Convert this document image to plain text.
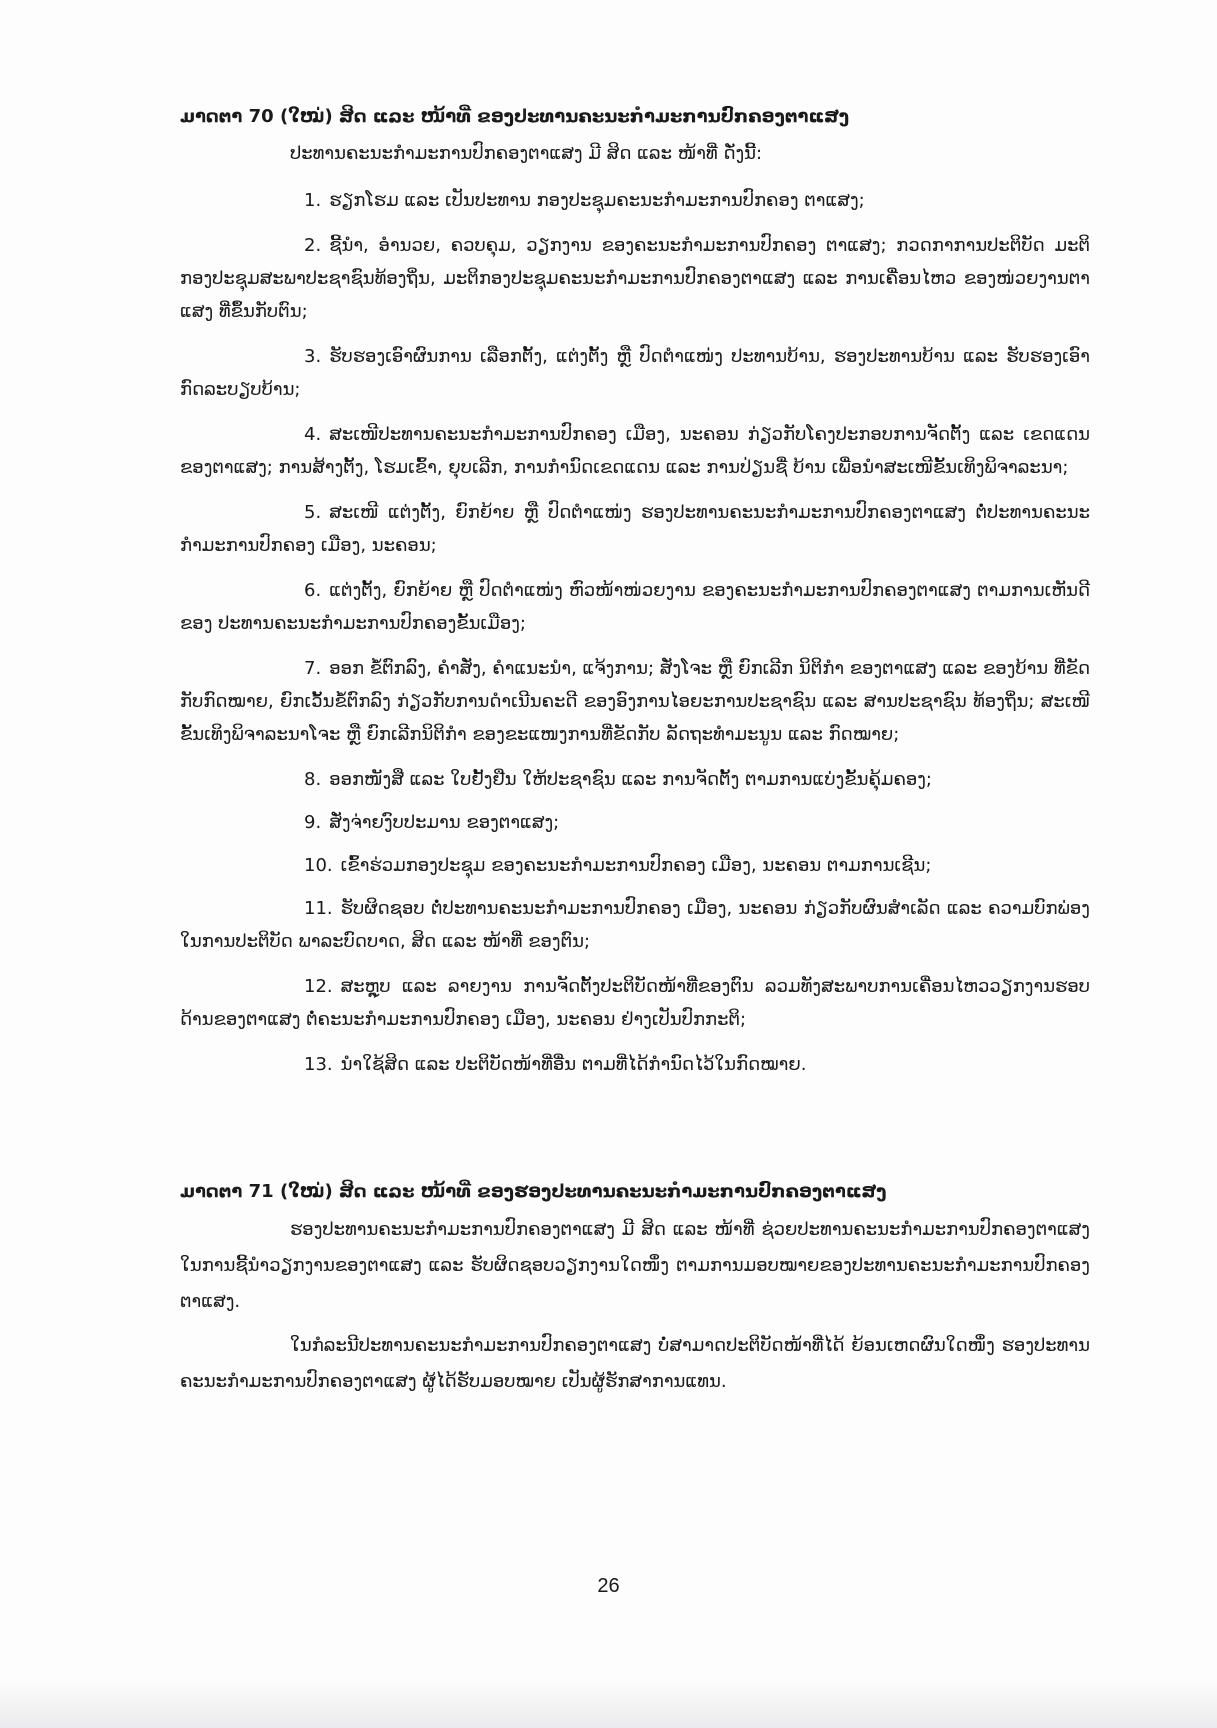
ມາດຕາ 70 (ໃໝ່) ສິດ ແລະ ໜ້າທີ່ ຂອງປະທານຄະນະກຳມະການປົກຄອງຕາແສງ
ປະທານຄະນະກຳມະການປົກຄອງຕາແສງ ມີ ສິດ ແລະ ໜ້າທີ່ ດັ່ງນີ້:
1. ຮຽກໂຮມ ແລະ ເປັນປະທານ ກອງປະຊຸມຄະນະກຳມະການປົກຄອງ ຕາແສງ;
2. ຊີ້ນຳ, ອຳນວຍ, ຄວບຄຸມ, ວຽກງານ ຂອງຄະນະກຳມະການປົກຄອງ ຕາແສງ; ກວດກາການປະຕິບັດ ມະຕິກອງປະຊຸມສະພາປະຊາຊົນທ້ອງຖິ່ນ, ມະຕິກອງປະຊຸມຄະນະກຳມະການປົກຄອງຕາແສງ ແລະ ການເຄື່ອນໄຫວ ຂອງໜ່ວຍງານຕາແສງ ທີ່ຂຶ້ນກັບຕົນ;
3. ຮັບຮອງເອົາຜົນການ ເລືອກຕັ້ງ, ແຕ່ງຕັ້ງ ຫຼື ປົດຕຳແໜ່ງ ປະທານບ້ານ, ຮອງປະທານບ້ານ ແລະ ຮັບຮອງເອົາກົດລະບຽບບ້ານ;
4. ສະເໜີປະທານຄະນະກຳມະການປົກຄອງ ເມືອງ, ນະຄອນ ກ່ຽວກັບໂຄງປະກອບການຈັດຕັ້ງ ແລະ ເຂດແດນ ຂອງຕາແສງ; ການສ້າງຕັ້ງ, ໂຮມເຂົ້າ, ຍຸບເລີກ, ການກຳນົດເຂດແດນ ແລະ ການປ່ຽນຊື່ ບ້ານ ເພື່ອນຳສະເໜີຂັ້ນເທິງພິຈາລະນາ;
5. ສະເໜີ ແຕ່ງຕັ້ງ, ຍົກຍ້າຍ ຫຼື ປົດຕຳແໜ່ງ ຮອງປະທານຄະນະກຳມະການປົກຄອງຕາແສງ ຕໍ່ປະທານຄະນະກຳມະການປົກຄອງ ເມືອງ, ນະຄອນ;
6. ແຕ່ງຕັ້ງ, ຍົກຍ້າຍ ຫຼື ປົດຕຳແໜ່ງ ຫົວໜ້າໜ່ວຍງານ ຂອງຄະນະກຳມະການປົກຄອງຕາແສງ ຕາມການເຫັນດີຂອງ ປະທານຄະນະກຳມະການປົກຄອງຂັ້ນເມືອງ;
7. ອອກ ຂໍ້ຕົກລົງ, ຄຳສັ່ງ, ຄຳແນະນຳ, ແຈ້ງການ; ສັ່ງໂຈະ ຫຼື ຍົກເລີກ ນິຕິກຳ ຂອງຕາແສງ ແລະ ຂອງບ້ານ ທີ່ຂັດກັບກົດໝາຍ, ຍົກເວັ້ນຂໍ້ຕົກລົງ ກ່ຽວກັບການດຳເນີນຄະດີ ຂອງອົງການໄອຍະການປະຊາຊົນ ແລະ ສານປະຊາຊົນ ທ້ອງຖິ່ນ; ສະເໜີຂັ້ນເທິງພິຈາລະນາໂຈະ ຫຼື ຍົກເລີກນິຕິກຳ ຂອງຂະແໜງການທີ່ຂັດກັບ ລັດຖະທຳມະນູນ ແລະ ກົດໝາຍ;
8. ອອກໜັງສື ແລະ ໃບຢັ້ງຢືນ ໃຫ້ປະຊາຊົນ ແລະ ການຈັດຕັ້ງ ຕາມການແບ່ງຂັ້ນຄຸ້ມຄອງ;
9. ສັ່ງຈ່າຍງົບປະມານ ຂອງຕາແສງ;
10. ເຂົ້າຮ່ວມກອງປະຊຸມ ຂອງຄະນະກຳມະການປົກຄອງ ເມືອງ, ນະຄອນ ຕາມການເຊີນ;
11. ຮັບຜິດຊອບ ຕໍ່ປະທານຄະນະກຳມະການປົກຄອງ ເມືອງ, ນະຄອນ ກ່ຽວກັບຜົນສຳເລັດ ແລະ ຄວາມບົກພ່ອງ ໃນການປະຕິບັດ ພາລະບົດບາດ, ສິດ ແລະ ໜ້າທີ່ ຂອງຕົນ;
12. ສະຫຼຸບ ແລະ ລາຍງານ ການຈັດຕັ້ງປະຕິບັດໜ້າທີ່ຂອງຕົນ ລວມທັງສະພາບການເຄື່ອນໄຫວວຽກງານຮອບດ້ານຂອງຕາແສງ ຕໍ່ຄະນະກຳມະການປົກຄອງ ເມືອງ, ນະຄອນ ຢ່າງເປັນປົກກະຕິ;
13. ນຳໃຊ້ສິດ ແລະ ປະຕິບັດໜ້າທີ່ອື່ນ ຕາມທີ່ໄດ້ກຳນົດໄວ້ໃນກົດໝາຍ.
ມາດຕາ 71 (ໃໝ່) ສິດ ແລະ ໜ້າທີ່ ຂອງຮອງປະທານຄະນະກຳມະການປົກຄອງຕາແສງ
ຮອງປະທານຄະນະກຳມະການປົກຄອງຕາແສງ ມີ ສິດ ແລະ ໜ້າທີ່ ຊ່ວຍປະທານຄະນະກຳມະການປົກຄອງຕາແສງ ໃນການຊີ້ນຳວຽກງານຂອງຕາແສງ ແລະ ຮັບຜິດຊອບວຽກງານໃດໜຶ່ງ ຕາມການມອບໝາຍຂອງປະທານຄະນະກຳມະການປົກຄອງຕາແສງ.
ໃນກໍລະນີປະທານຄະນະກຳມະການປົກຄອງຕາແສງ ບໍ່ສາມາດປະຕິບັດໜ້າທີ່ໄດ້ ຍ້ອນເຫດຜົນໃດໜຶ່ງ ຮອງປະທານຄະນະກຳມະການປົກຄອງຕາແສງ ຜູ້ໄດ້ຮັບມອບໝາຍ ເປັນຜູ້ຮັກສາການແທນ.
26
